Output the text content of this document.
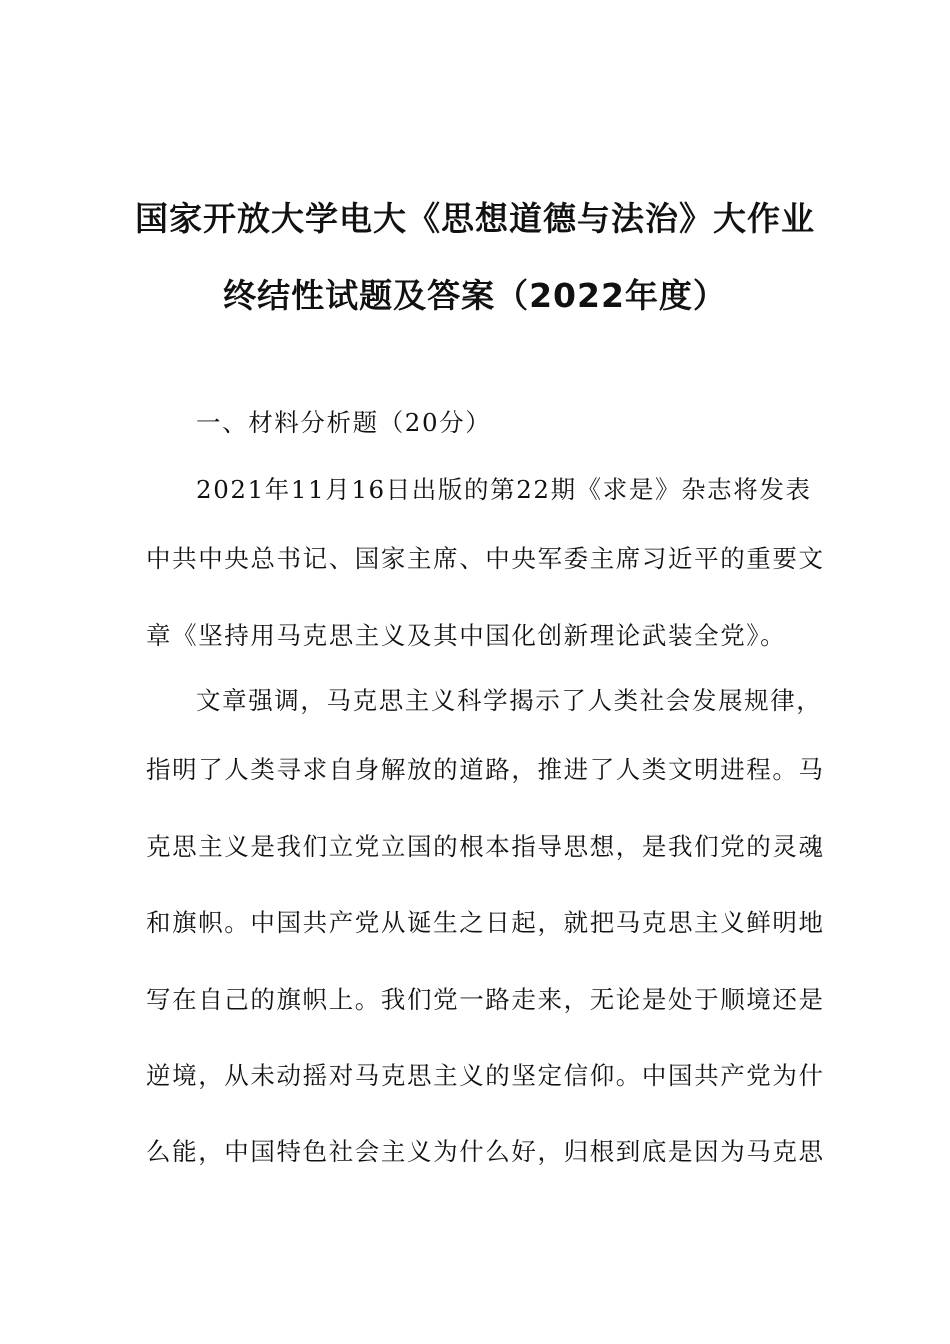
国家开放大学电大《思想道德与法治》大作业
终结性试题及答案（2022年度）
一、材料分析题（20分）
2021年11月16日出版的第22期《求是》杂志将发表
中共中央总书记、国家主席、中央军委主席习近平的重要文
章《坚持用马克思主义及其中国化创新理论武装全党》。
文章强调，马克思主义科学揭示了人类社会发展规律，
指明了人类寻求自身解放的道路，推进了人类文明进程。马
克思主义是我们立党立国的根本指导思想，是我们党的灵魂
和旗帜。中国共产党从诞生之日起，就把马克思主义鲜明地
写在自己的旗帜上。我们党一路走来，无论是处于顺境还是
逆境，从未动摇对马克思主义的坚定信仰。中国共产党为什
么能，中国特色社会主义为什么好，归根到底是因为马克思
